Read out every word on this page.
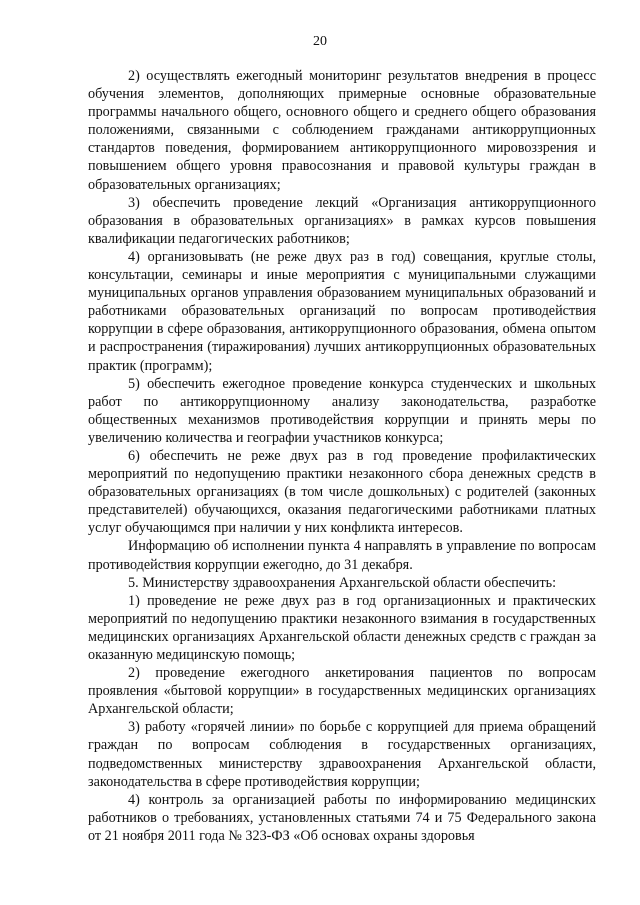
20

2) осуществлять ежегодный мониторинг результатов внедрения в процесс обучения элементов, дополняющих примерные основные образовательные программы начального общего, основного общего и среднего общего образования положениями, связанными с соблюдением гражданами антикоррупционных стандартов поведения, формированием антикоррупционного мировоззрения и повышением общего уровня правосознания и правовой культуры граждан в образовательных организациях;

3) обеспечить проведение лекций «Организация антикоррупционного образования в образовательных организациях» в рамках курсов повышения квалификации педагогических работников;

4) организовывать (не реже двух раз в год) совещания, круглые столы, консультации, семинары и иные мероприятия с муниципальными служащими муниципальных органов управления образованием муниципальных образований и работниками образовательных организаций по вопросам противодействия коррупции в сфере образования, антикоррупционного образования, обмена опытом и распространения (тиражирования) лучших антикоррупционных образовательных практик (программ);

5) обеспечить ежегодное проведение конкурса студенческих и школьных работ по антикоррупционному анализу законодательства, разработке общественных механизмов противодействия коррупции и принять меры по увеличению количества и географии участников конкурса;

6) обеспечить не реже двух раз в год проведение профилактических мероприятий по недопущению практики незаконного сбора денежных средств в образовательных организациях (в том числе дошкольных) с родителей (законных представителей) обучающихся, оказания педагогическими работниками платных услуг обучающимся при наличии у них конфликта интересов.

Информацию об исполнении пункта 4 направлять в управление по вопросам противодействия коррупции ежегодно, до 31 декабря.

5. Министерству здравоохранения Архангельской области обеспечить:

1) проведение не реже двух раз в год организационных и практических мероприятий по недопущению практики незаконного взимания в государственных медицинских организациях Архангельской области денежных средств с граждан за оказанную медицинскую помощь;

2) проведение ежегодного анкетирования пациентов по вопросам проявления «бытовой коррупции» в государственных медицинских организациях Архангельской области;

3) работу «горячей линии» по борьбе с коррупцией для приема обращений граждан по вопросам соблюдения в государственных организациях, подведомственных министерству здравоохранения Архангельской области, законодательства в сфере противодействия коррупции;

4) контроль за организацией работы по информированию медицинских работников о требованиях, установленных статьями 74 и 75 Федерального закона от 21 ноября 2011 года № 323-ФЗ «Об основах охраны здоровья
